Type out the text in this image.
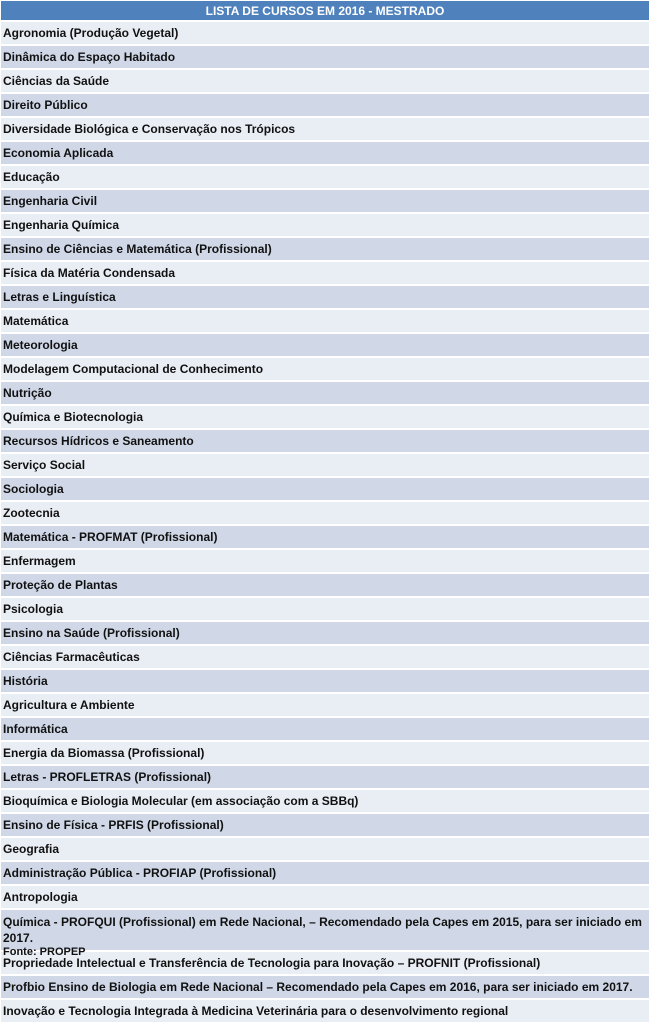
LISTA DE CURSOS EM 2016 - MESTRADO
Agronomia (Produção Vegetal)
Dinâmica do Espaço Habitado
Ciências da Saúde
Direito Público
Diversidade Biológica e Conservação nos Trópicos
Economia Aplicada
Educação
Engenharia Civil
Engenharia Química
Ensino de Ciências e Matemática (Profissional)
Física da Matéria Condensada
Letras e Linguística
Matemática
Meteorologia
Modelagem Computacional de Conhecimento
Nutrição
Química e Biotecnologia
Recursos Hídricos e Saneamento
Serviço Social
Sociologia
Zootecnia
Matemática - PROFMAT (Profissional)
Enfermagem
Proteção de Plantas
Psicologia
Ensino na Saúde (Profissional)
Ciências Farmacêuticas
História
Agricultura e Ambiente
Informática
Energia da Biomassa (Profissional)
Letras - PROFLETRAS (Profissional)
Bioquímica e Biologia Molecular (em associação com a SBBq)
Ensino de Física - PRFIS (Profissional)
Geografia
Administração Pública - PROFIAP (Profissional)
Antropologia
Química - PROFQUI (Profissional) em Rede Nacional, – Recomendado pela Capes em 2015, para ser iniciado em 2017.
Propriedade Intelectual e Transferência de Tecnologia para Inovação – PROFNIT (Profissional)
Profbio Ensino de Biologia em Rede Nacional – Recomendado pela Capes em 2016, para ser iniciado em 2017.
Inovação e Tecnologia Integrada à Medicina Veterinária para o desenvolvimento regional
Fonte: PROPEP
